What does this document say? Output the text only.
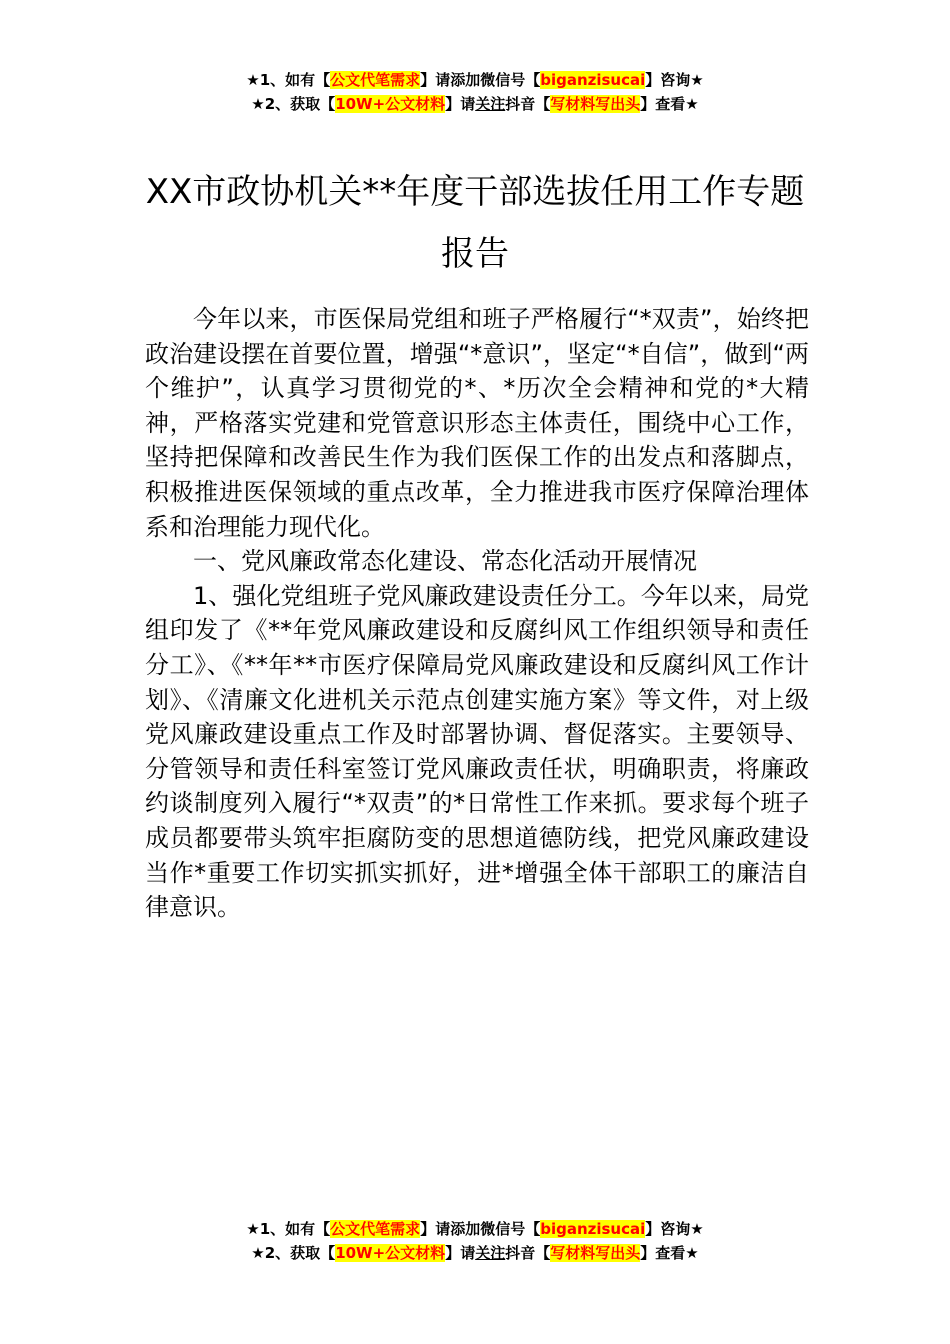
★1、如有【公文代笔需求】请添加微信号【biganzisucai】咨询★
★2、获取【10W+公文材料】请关注抖音【写材料写出头】查看★
XX市政协机关**年度干部选拔任用工作专题报告

今年以来，市医保局党组和班子严格履行“*双责”，始终把政治建设摆在首要位置，增强“*意识”，坚定“*自信”，做到“两个维护”，认真学习贯彻党的*、*历次全会精神和党的*大精神，严格落实党建和党管意识形态主体责任，围绕中心工作，坚持把保障和改善民生作为我们医保工作的出发点和落脚点，积极推进医保领域的重点改革，全力推进我市医疗保障治理体系和治理能力现代化。

一、党风廉政常态化建设、常态化活动开展情况

1、强化党组班子党风廉政建设责任分工。今年以来，局党组印发了《**年党风廉政建设和反腐纠风工作组织领导和责任分工》、《**年**市医疗保障局党风廉政建设和反腐纠风工作计划》、《清廉文化进机关示范点创建实施方案》等文件，对上级党风廉政建设重点工作及时部署协调、督促落实。主要领导、分管领导和责任科室签订党风廉政责任状，明确职责，将廉政约谈制度列入履行“*双责”的*日常性工作来抓。要求每个班子成员都要带头筑牢拒腐防变的思想道德防线，把党风廉政建设当作*重要工作切实抓实抓好，进*增强全体干部职工的廉洁自律意识。

★1、如有【公文代笔需求】请添加微信号【biganzisucai】咨询★
★2、获取【10W+公文材料】请关注抖音【写材料写出头】查看★
